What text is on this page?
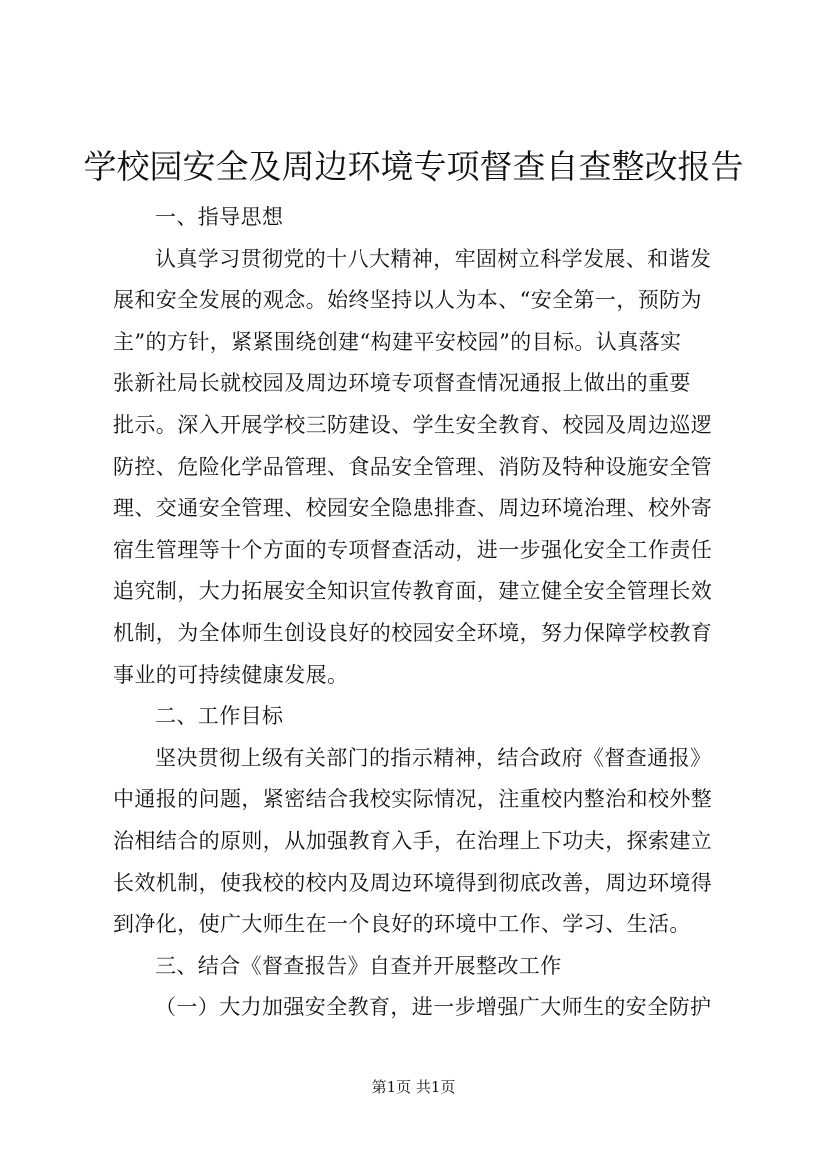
学校园安全及周边环境专项督查自查整改报告
一、指导思想
认真学习贯彻党的十八大精神，牢固树立科学发展、和谐发
展和安全发展的观念。始终坚持以人为本、“安全第一，预防为
主”的方针，紧紧围绕创建“构建平安校园”的目标。认真落实
张新社局长就校园及周边环境专项督查情况通报上做出的重要
批示。深入开展学校三防建设、学生安全教育、校园及周边巡逻
防控、危险化学品管理、食品安全管理、消防及特种设施安全管
理、交通安全管理、校园安全隐患排查、周边环境治理、校外寄
宿生管理等十个方面的专项督查活动，进一步强化安全工作责任
追究制，大力拓展安全知识宣传教育面，建立健全安全管理长效
机制，为全体师生创设良好的校园安全环境，努力保障学校教育
事业的可持续健康发展。
二、工作目标
坚决贯彻上级有关部门的指示精神，结合政府《督查通报》
中通报的问题，紧密结合我校实际情况，注重校内整治和校外整
治相结合的原则，从加强教育入手，在治理上下功夫，探索建立
长效机制，使我校的校内及周边环境得到彻底改善，周边环境得
到净化，使广大师生在一个良好的环境中工作、学习、生活。
三、结合《督查报告》自查并开展整改工作
（一）大力加强安全教育，进一步增强广大师生的安全防护
第1页 共1页
